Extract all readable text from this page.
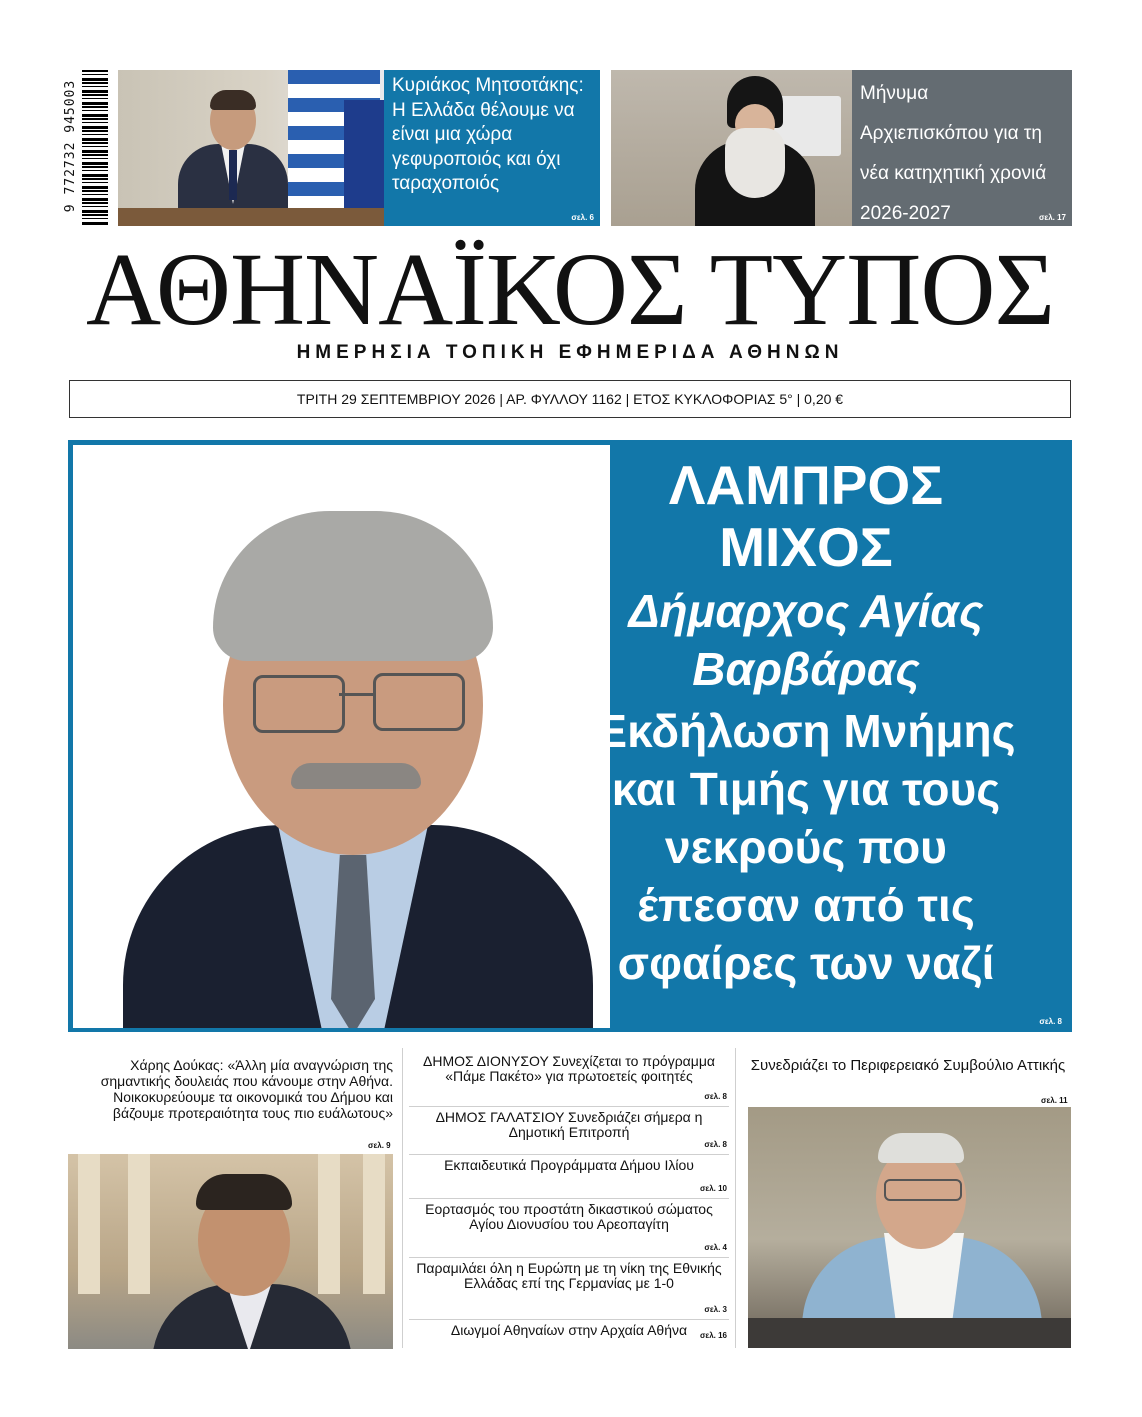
9 772732 945003	Κυριάκος Μητσοτάκης: Η Ελλάδα θέλουμε να είναι μια χώρα γεφυροποιός και όχι ταραχοποιός
σελ. 6
Μήνυμα Αρχιεπισκόπου για τη νέα κατηχητική χρονιά 2026-2027	σελ. 17
ΑΘΗΝΑΪΚΟΣ ΤΥΠΟΣ
ΗΜΕΡΗΣΙΑ ΤΟΠΙΚΗ ΕΦΗΜΕΡΙΔΑ ΑΘΗΝΩΝ
ΤΡΙΤΗ 29 ΣΕΠΤΕΜΒΡΙΟΥ 2026 | ΑΡ. ΦΥΛΛΟΥ 1162 | ΕΤΟΣ ΚΥΚΛΟΦΟΡΙΑΣ 5° | 0,20 €
ΛΑΜΠΡΟΣ
ΜΙΧΟΣ
Δήμαρχος Αγίας
Βαρβάρας
Εκδήλωση Μνήμης
και Τιμής για τους
νεκρούς που
έπεσαν από τις
σφαίρες των ναζί
σελ. 8
Χάρης Δούκας: «Άλλη μία αναγνώριση της σημαντικής δουλειάς που κάνουμε στην Αθήνα. Νοικοκυρεύουμε τα οικονομικά του Δήμου και βάζουμε προτεραιότητα τους πιο ευάλωτους»
σελ. 9
ΔΗΜΟΣ ΔΙΟΝΥΣΟΥ Συνεχίζεται το πρόγραμμα «Πάμε Πακέτο» για πρωτοετείς φοιτητές
σελ. 8
ΔΗΜΟΣ ΓΑΛΑΤΣΙΟΥ Συνεδριάζει σήμερα η Δημοτική Επιτροπή
σελ. 8
Εκπαιδευτικά Προγράμματα Δήμου Ιλίου
σελ. 10
Εορτασμός του προστάτη δικαστικού σώματος Αγίου Διονυσίου του Αρεοπαγίτη
σελ. 4
Παραμιλάει όλη η Ευρώπη με τη νίκη της Εθνικής Ελλάδας επί της Γερμανίας με 1-0
σελ. 3
Διωγμοί Αθηναίων στην Αρχαία Αθήνα σελ. 16
Συνεδριάζει το Περιφερειακό Συμβούλιο Αττικής
σελ. 11
